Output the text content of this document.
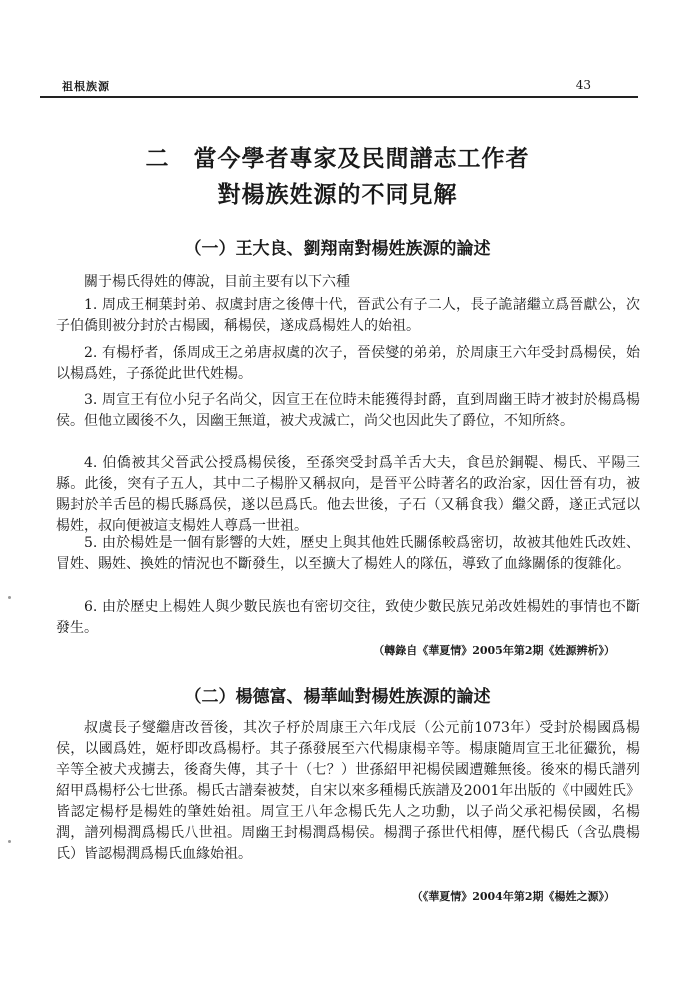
祖根族源	43
二　當今學者專家及民間譜志工作者
對楊族姓源的不同見解
（一）王大良、劉翔南對楊姓族源的論述

關于楊氏得姓的傳說，目前主要有以下六種

1. 周成王桐葉封弟、叔虞封唐之後傳十代，晉武公有子二人，長子詭諸繼立爲晉獻公，次子伯僑則被分封於古楊國，稱楊侯，遂成爲楊姓人的始祖。

2. 有楊杼者，係周成王之弟唐叔虞的次子，晉侯燮的弟弟，於周康王六年受封爲楊侯，始以楊爲姓，子孫從此世代姓楊。

3. 周宣王有位小兒子名尚父，因宣王在位時未能獲得封爵，直到周幽王時才被封於楊爲楊侯。但他立國後不久，因幽王無道，被犬戎滅亡，尚父也因此失了爵位，不知所終。

4. 伯僑被其父晉武公授爲楊侯後，至孫突受封爲羊舌大夫，食邑於銅鞮、楊氏、平陽三縣。此後，突有子五人，其中二子楊肸又稱叔向，是晉平公時著名的政治家，因仕晉有功，被賜封於羊舌邑的楊氏縣爲侯，遂以邑爲氏。他去世後，子石（又稱食我）繼父爵，遂正式冠以楊姓，叔向便被這支楊姓人尊爲一世祖。

5. 由於楊姓是一個有影響的大姓，歷史上與其他姓氏關係較爲密切，故被其他姓氏改姓、冒姓、賜姓、換姓的情況也不斷發生，以至擴大了楊姓人的隊伍，導致了血緣關係的復雜化。

6. 由於歷史上楊姓人與少數民族也有密切交往，致使少數民族兄弟改姓楊姓的事情也不斷發生。

（轉錄自《華夏情》2005年第2期《姓源辨析》）
（二）楊德富、楊華屾對楊姓族源的論述

叔虞長子燮繼唐改晉後，其次子杼於周康王六年戊辰（公元前1073年）受封於楊國爲楊侯，以國爲姓，姬杼即改爲楊杼。其子孫發展至六代楊康楊辛等。楊康隨周宣王北征玁狁，楊辛等全被犬戎擄去，後裔失傳，其子十（七？）世孫紹甲祀楊侯國遭難無後。後來的楊氏譜列紹甲爲楊杼公七世孫。楊氏古譜秦被焚，自宋以來多種楊氏族譜及2001年出版的《中國姓氏》皆認定楊杼是楊姓的肇姓始祖。周宣王八年念楊氏先人之功勳，以子尚父承祀楊侯國，名楊潤，譜列楊潤爲楊氏八世祖。周幽王封楊潤爲楊侯。楊潤子孫世代相傳，歷代楊氏（含弘農楊氏）皆認楊潤爲楊氏血緣始祖。

（《華夏情》2004年第2期《楊姓之源》）
